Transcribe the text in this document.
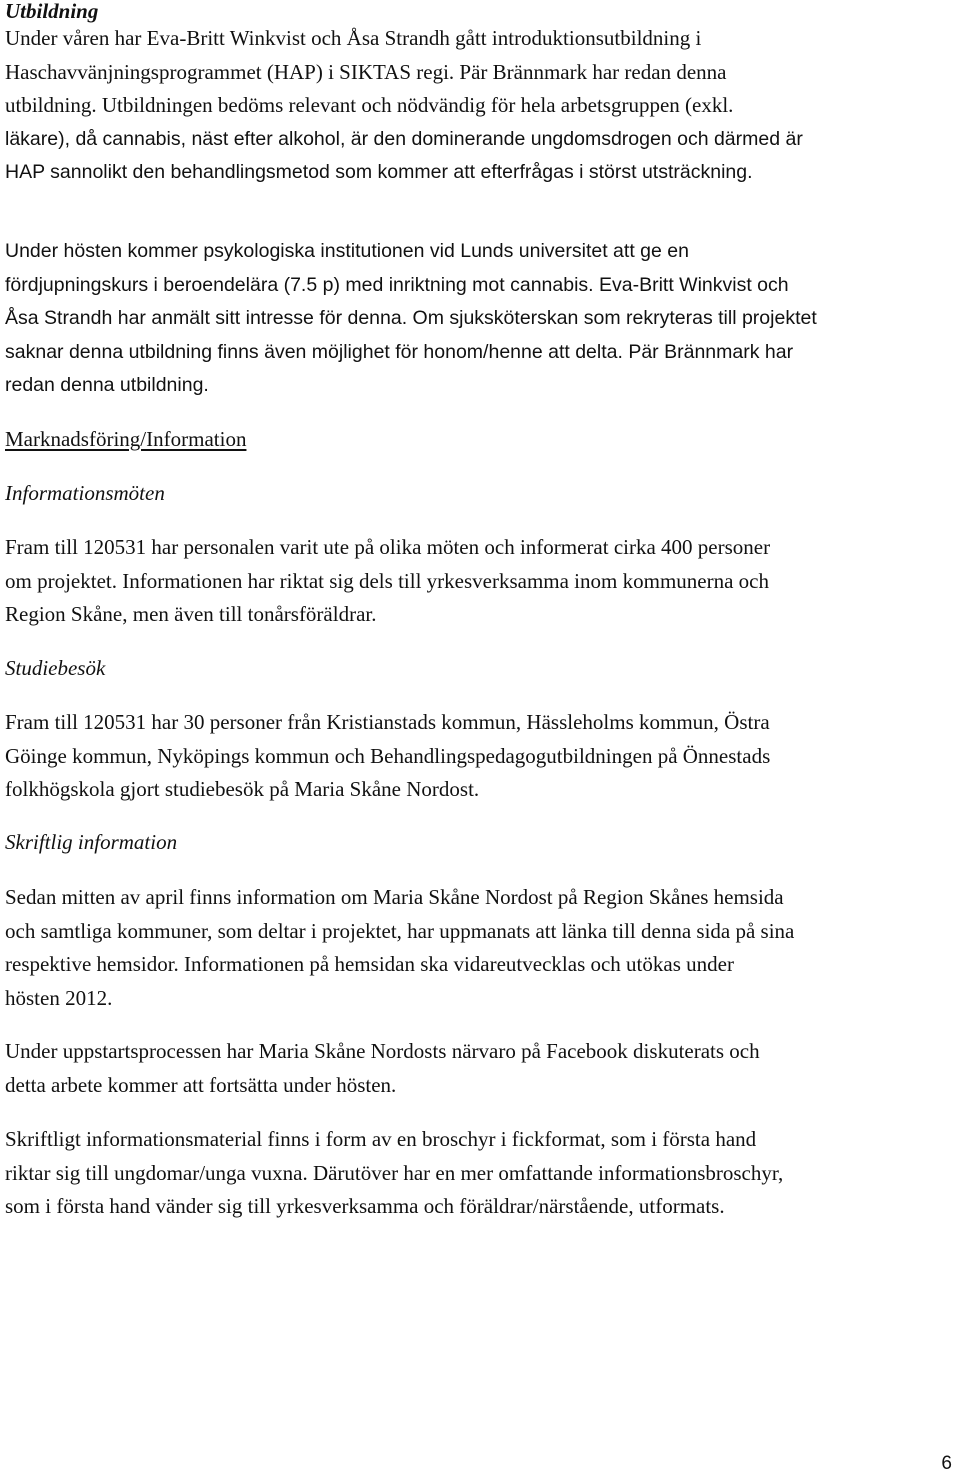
Utbildning

Under våren har Eva-Britt Winkvist och Åsa Strandh gått introduktionsutbildning i
Haschavvänjningsprogrammet (HAP) i SIKTAS regi. Pär Brännmark har redan denna
utbildning. Utbildningen bedöms relevant och nödvändig för hela arbetsgruppen (exkl.
läkare), då cannabis, näst efter alkohol, är den dominerande ungdomsdrogen och därmed är
HAP sannolikt den behandlingsmetod som kommer att efterfrågas i störst utsträckning.

Under hösten kommer psykologiska institutionen vid Lunds universitet att ge en
fördjupningskurs i beroendelära (7.5 p) med inriktning mot cannabis. Eva-Britt Winkvist och
Åsa Strandh har anmält sitt intresse för denna. Om sjuksköterskan som rekryteras till projektet
saknar denna utbildning finns även möjlighet för honom/henne att delta. Pär Brännmark har
redan denna utbildning.

Marknadsföring/Information
Informationsmöten

Fram till 120531 har personalen varit ute på olika möten och informerat cirka 400 personer
om projektet. Informationen har riktat sig dels till yrkesverksamma inom kommunerna och
Region Skåne, men även till tonårsföräldrar.

Studiebesök

Fram till 120531 har 30 personer från Kristianstads kommun, Hässleholms kommun, Östra
Göinge kommun, Nyköpings kommun och Behandlingspedagogutbildningen på Önnestads
folkhögskola gjort studiebesök på Maria Skåne Nordost.

Skriftlig information

Sedan mitten av april finns information om Maria Skåne Nordost på Region Skånes hemsida
och samtliga kommuner, som deltar i projektet, har uppmanats att länka till denna sida på sina
respektive hemsidor. Informationen på hemsidan ska vidareutvecklas och utökas under
hösten 2012.

Under uppstartsprocessen har Maria Skåne Nordosts närvaro på Facebook diskuterats och
detta arbete kommer att fortsätta under hösten.

Skriftligt informationsmaterial finns i form av en broschyr i fickformat, som i första hand
riktar sig till ungdomar/unga vuxna. Därutöver har en mer omfattande informationsbroschyr,
som i första hand vänder sig till yrkesverksamma och föräldrar/närstående, utformats.

6
